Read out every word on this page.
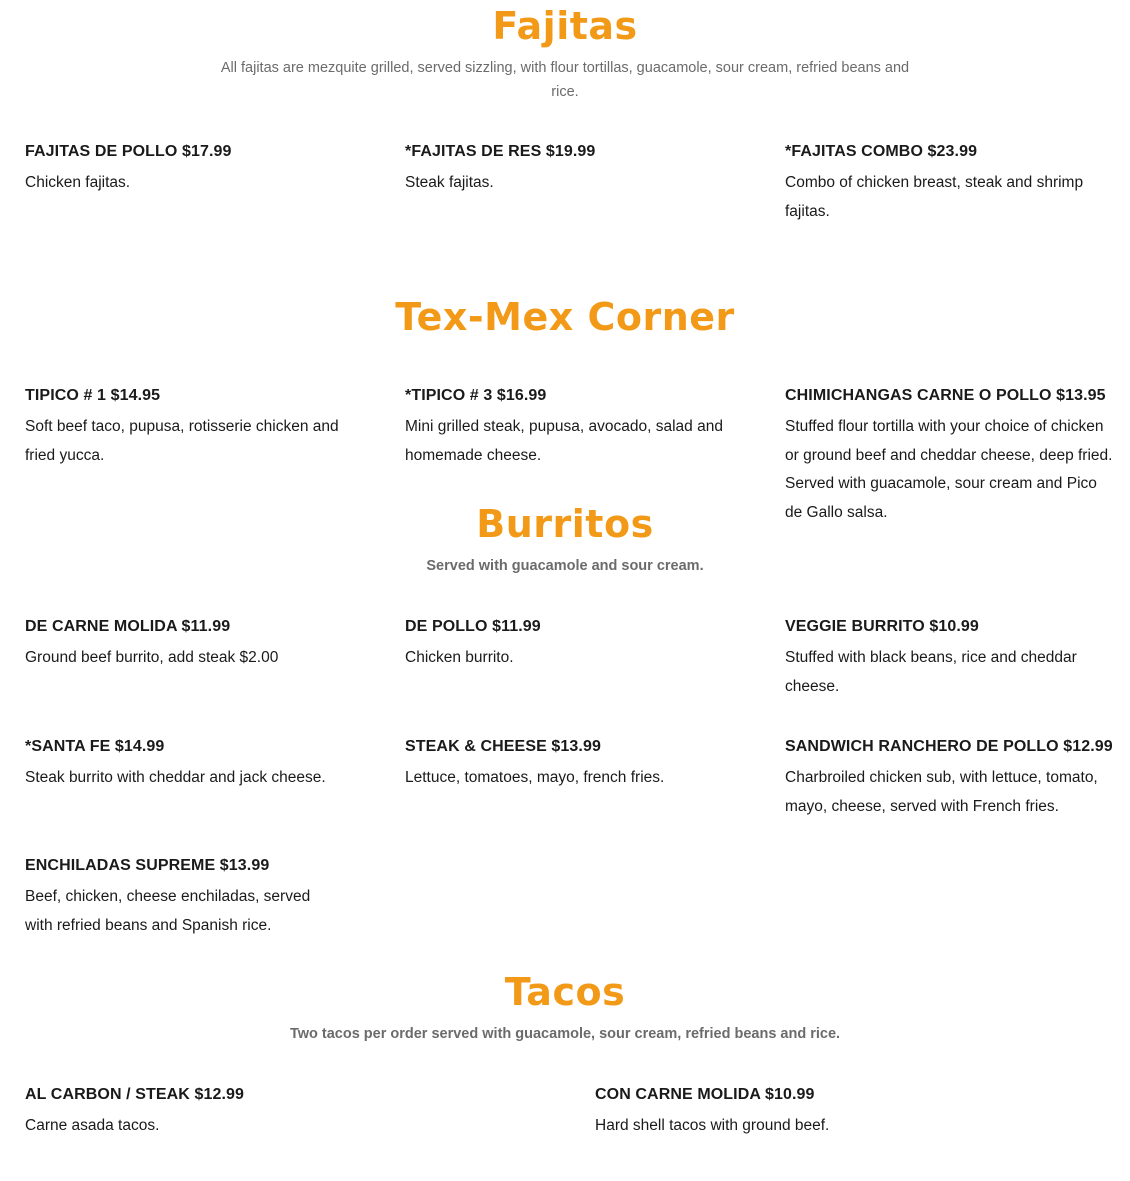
Fajitas

All fajitas are mezquite grilled, served sizzling, with flour tortillas, guacamole, sour cream, refried beans and rice.

FAJITAS DE POLLO $17.99
Chicken fajitas.
*FAJITAS DE RES $19.99
Steak fajitas.
*FAJITAS COMBO $23.99
Combo of chicken breast, steak and shrimp fajitas.
Tex-Mex Corner
TIPICO # 1 $14.95
Soft beef taco, pupusa, rotisserie chicken and fried yucca.
*TIPICO # 3 $16.99
Mini grilled steak, pupusa, avocado, salad and homemade cheese.
CHIMICHANGAS CARNE O POLLO $13.95
Stuffed flour tortilla with your choice of chicken or ground beef and cheddar cheese, deep fried. Served with guacamole, sour cream and Pico de Gallo salsa.
Burritos

Served with guacamole and sour cream.

DE CARNE MOLIDA $11.99
Ground beef burrito, add steak $2.00
DE POLLO $11.99
Chicken burrito.
VEGGIE BURRITO $10.99
Stuffed with black beans, rice and cheddar cheese.
*SANTA FE $14.99
Steak burrito with cheddar and jack cheese.
STEAK & CHEESE $13.99
Lettuce, tomatoes, mayo, french fries.
SANDWICH RANCHERO DE POLLO $12.99
Charbroiled chicken sub, with lettuce, tomato, mayo, cheese, served with French fries.
ENCHILADAS SUPREME $13.99
Beef, chicken, cheese enchiladas, served with refried beans and Spanish rice.
Tacos

Two tacos per order served with guacamole, sour cream, refried beans and rice.

AL CARBON / STEAK $12.99
Carne asada tacos.
CON CARNE MOLIDA $10.99
Hard shell tacos with ground beef.
